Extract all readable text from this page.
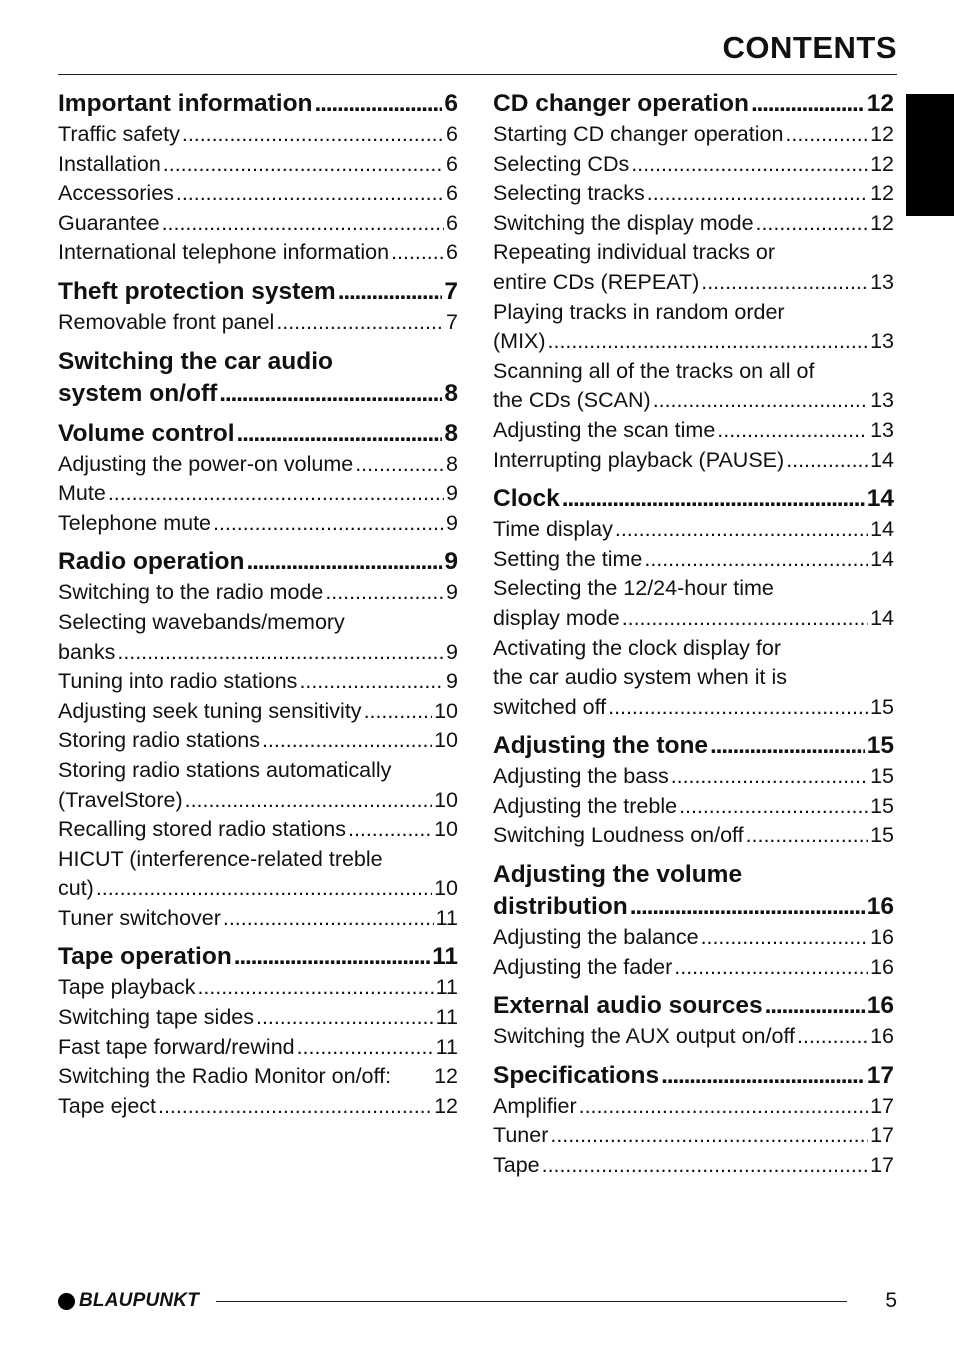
CONTENTS
Important information . . .	6
Traffic safety . . .	6
Installation . . .	6
Accessories . . .	6
Guarantee . . .	6
International telephone information . . .	6
Theft protection system . . .	7
Removable front panel . . .	7
Switching the car audio
system on/off . . .	8
Volume control . . .	8
Adjusting the power-on volume . . .	8
Mute . . .	9
Telephone mute . . .	9
Radio operation . . .	9
Switching to the radio mode . . .	9
Selecting wavebands/memory
banks . . .	9
Tuning into radio stations . . .	9
Adjusting seek tuning sensitivity . . .	10
Storing radio stations . . .	10
Storing radio stations automatically
(TravelStore) . . .	10
Recalling stored radio stations . . .	10
HICUT (interference-related treble
cut) . . .	10
Tuner switchover . . .	11
Tape operation . . .	11
Tape playback . . .	11
Switching tape sides . . .	11
Fast tape forward/rewind . . .	11
Switching the Radio Monitor on/off: 12
Tape eject . . .	12
CD changer operation . . .	12
Starting CD changer operation . . .	12
Selecting CDs . . .	12
Selecting tracks . . .	12
Switching the display mode . . .	12
Repeating individual tracks or
entire CDs (REPEAT) . . .	13
Playing tracks in random order
(MIX) . . .	13
Scanning all of the tracks on all of
the CDs (SCAN) . . .	13
Adjusting the scan time . . .	13
Interrupting playback (PAUSE) . . .	14
Clock . . .	14
Time display . . .	14
Setting the time . . .	14
Selecting the 12/24-hour time
display mode . . .	14
Activating the clock display for
the car audio system when it is
switched off . . .	15
Adjusting the tone . . .	15
Adjusting the bass . . .	15
Adjusting the treble . . .	15
Switching Loudness on/off . . .	15
Adjusting the volume
distribution . . .	16
Adjusting the balance . . .	16
Adjusting the fader . . .	16
External audio sources . . .	16
Switching the AUX output on/off . . .	16
Specifications . . .	17
Amplifier . . .	17
Tuner . . .	17
Tape . . .	17
BLAUPUNKT	5
